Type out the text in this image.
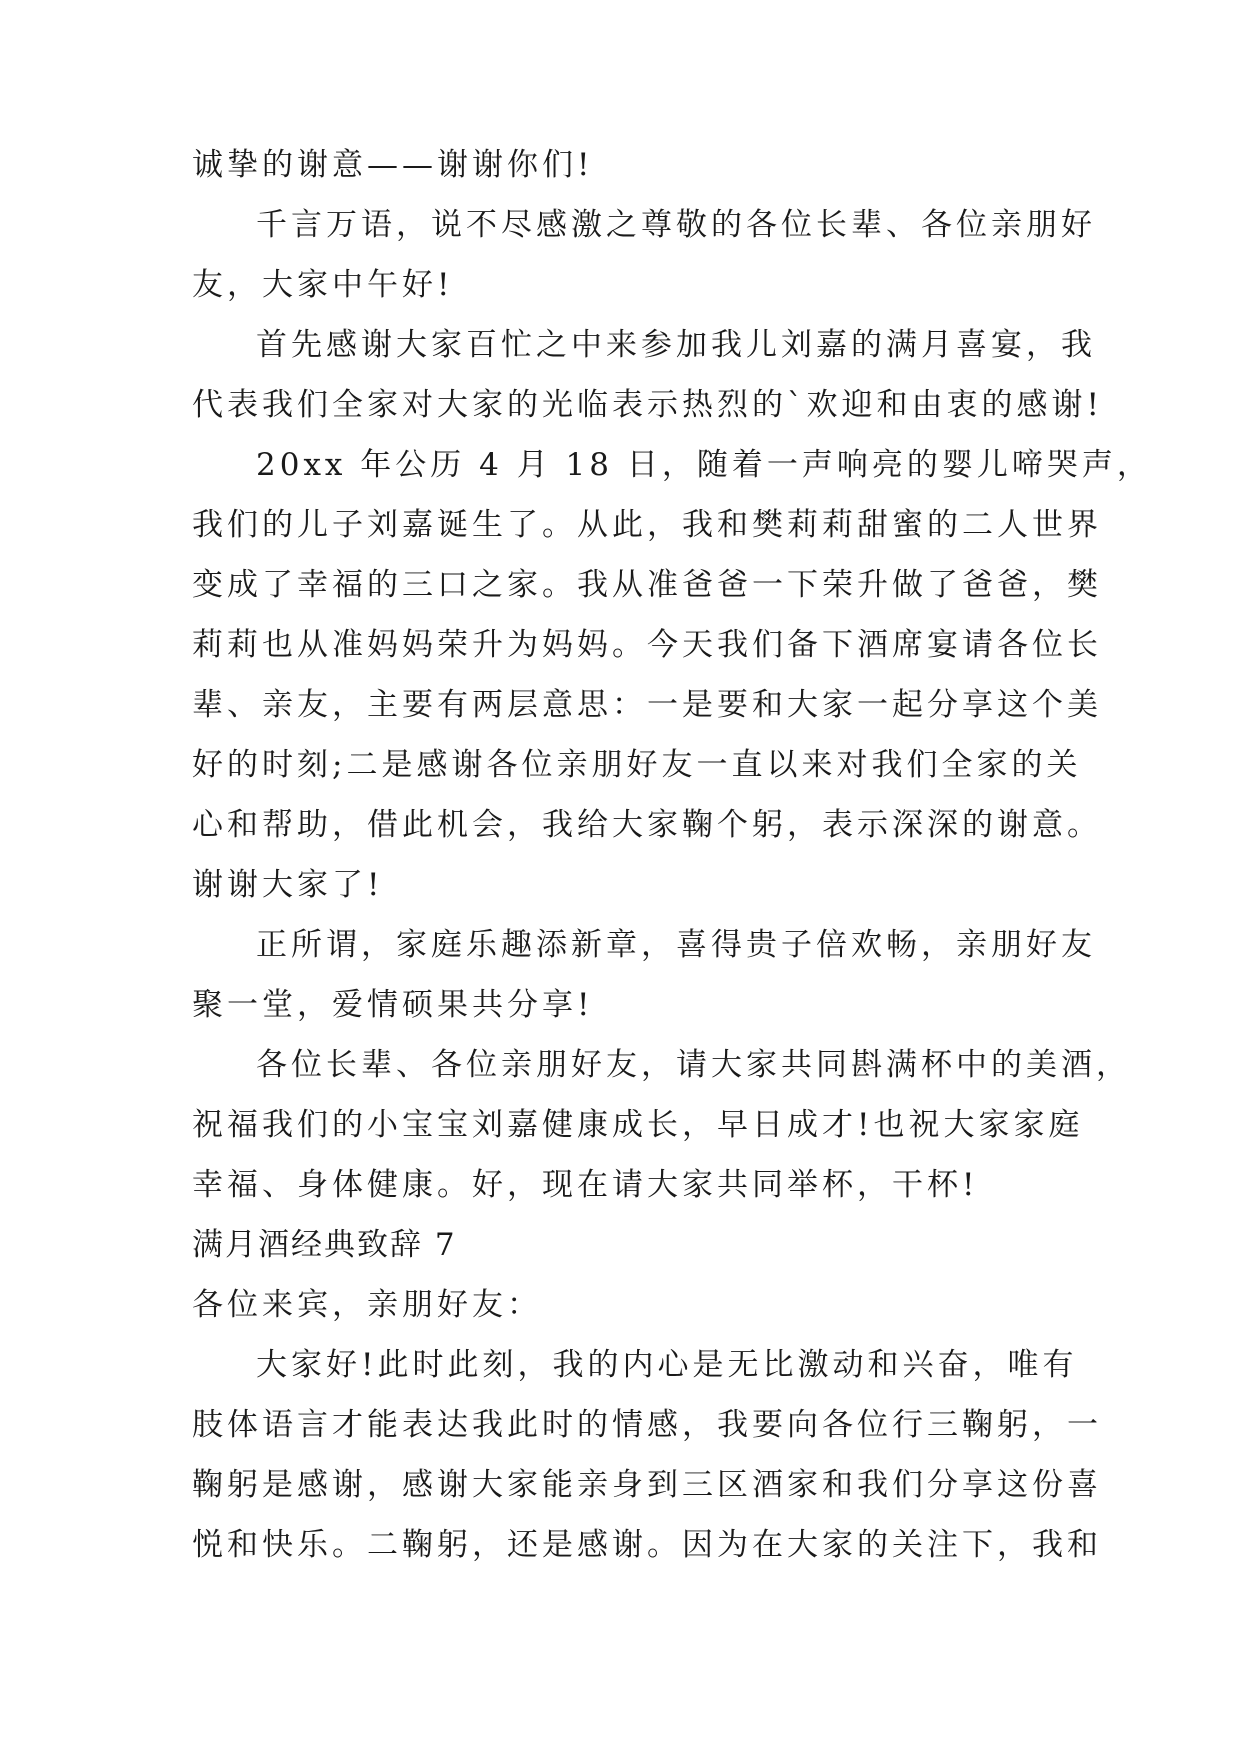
诚挚的谢意——谢谢你们!
千言万语，说不尽感激之尊敬的各位长辈、各位亲朋好
友，大家中午好!
首先感谢大家百忙之中来参加我儿刘嘉的满月喜宴，我
代表我们全家对大家的光临表示热烈的`欢迎和由衷的感谢!
20xx 年公历 4 月 18 日，随着一声响亮的婴儿啼哭声，
我们的儿子刘嘉诞生了。从此，我和樊莉莉甜蜜的二人世界
变成了幸福的三口之家。我从准爸爸一下荣升做了爸爸，樊
莉莉也从准妈妈荣升为妈妈。今天我们备下酒席宴请各位长
辈、亲友，主要有两层意思：一是要和大家一起分享这个美
好的时刻;二是感谢各位亲朋好友一直以来对我们全家的关
心和帮助，借此机会，我给大家鞠个躬，表示深深的谢意。
谢谢大家了!
正所谓，家庭乐趣添新章，喜得贵子倍欢畅，亲朋好友
聚一堂，爱情硕果共分享!
各位长辈、各位亲朋好友，请大家共同斟满杯中的美酒，
祝福我们的小宝宝刘嘉健康成长，早日成才!也祝大家家庭
幸福、身体健康。好，现在请大家共同举杯，干杯!
满月酒经典致辞 7
各位来宾，亲朋好友：
大家好!此时此刻，我的内心是无比激动和兴奋，唯有
肢体语言才能表达我此时的情感，我要向各位行三鞠躬，一
鞠躬是感谢，感谢大家能亲身到三区酒家和我们分享这份喜
悦和快乐。二鞠躬，还是感谢。因为在大家的关注下，我和
